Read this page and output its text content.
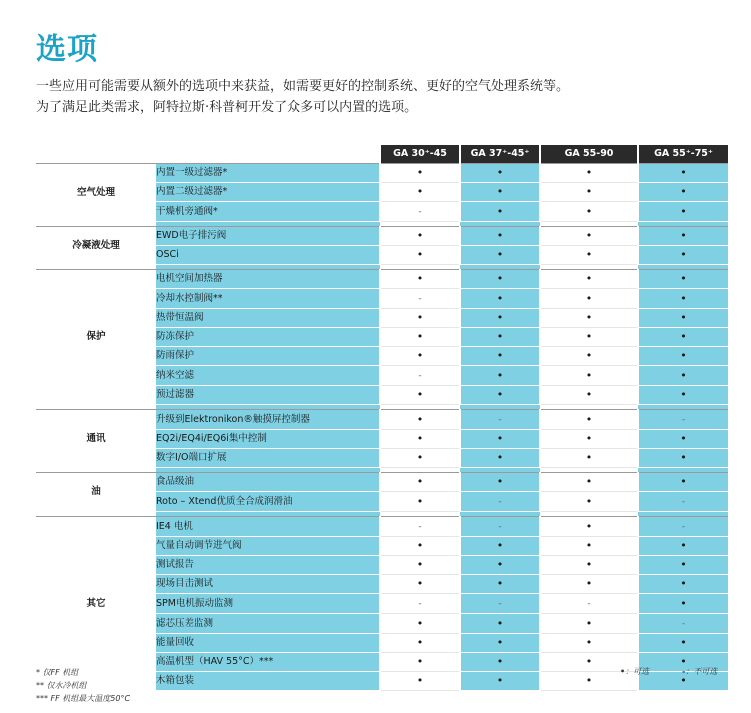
选项
一些应用可能需要从额外的选项中来获益，如需要更好的控制系统、更好的空气处理系统等。
为了满足此类需求，阿特拉斯·科普柯开发了众多可以内置的选项。
		GA 30⁺-45	GA 37⁺-45⁺	GA 55-90	GA 55⁺-75⁺
空气处理	内置一级过滤器*	•	•	•	•
	内置二级过滤器*	•	•	•	•
	干燥机旁通阀*	-	•	•	•

冷凝液处理	EWD电子排污阀	•	•	•	•
	OSCi	•	•	•	•

保护	电机空间加热器	•	•	•	•
	冷却水控制阀**	-	•	•	•
	热带恒温阀	•	•	•	•
	防冻保护	•	•	•	•
	防雨保护	•	•	•	•
	纳米空滤	-	•	•	•
	预过滤器	•	•	•	•

通讯	升级到Elektronikon®触摸屏控制器	•	-	•	-
	EQ2i/EQ4i/EQ6i集中控制	•	•	•	•
	数字I/O端口扩展	•	•	•	•

油	食品级油	•	•	•	•
	Roto – Xtend优质全合成润滑油	•	-	•	-

其它	IE4 电机	-	-	•	-
	气量自动调节进气阀	•	•	•	•
	测试报告	•	•	•	•
	现场目击测试	•	•	•	•
	SPM电机振动监测	-	-	-	•
	滤芯压差监测	•	•	•	-
	能量回收	•	•	•	•
	高温机型（HAV 55°C）***	•	•	•	•
	木箱包装	•	•	•	•
* 仅FF 机组
** 仅水冷机组
*** FF 机组最大温度50°C
•：可选	-：不可选
